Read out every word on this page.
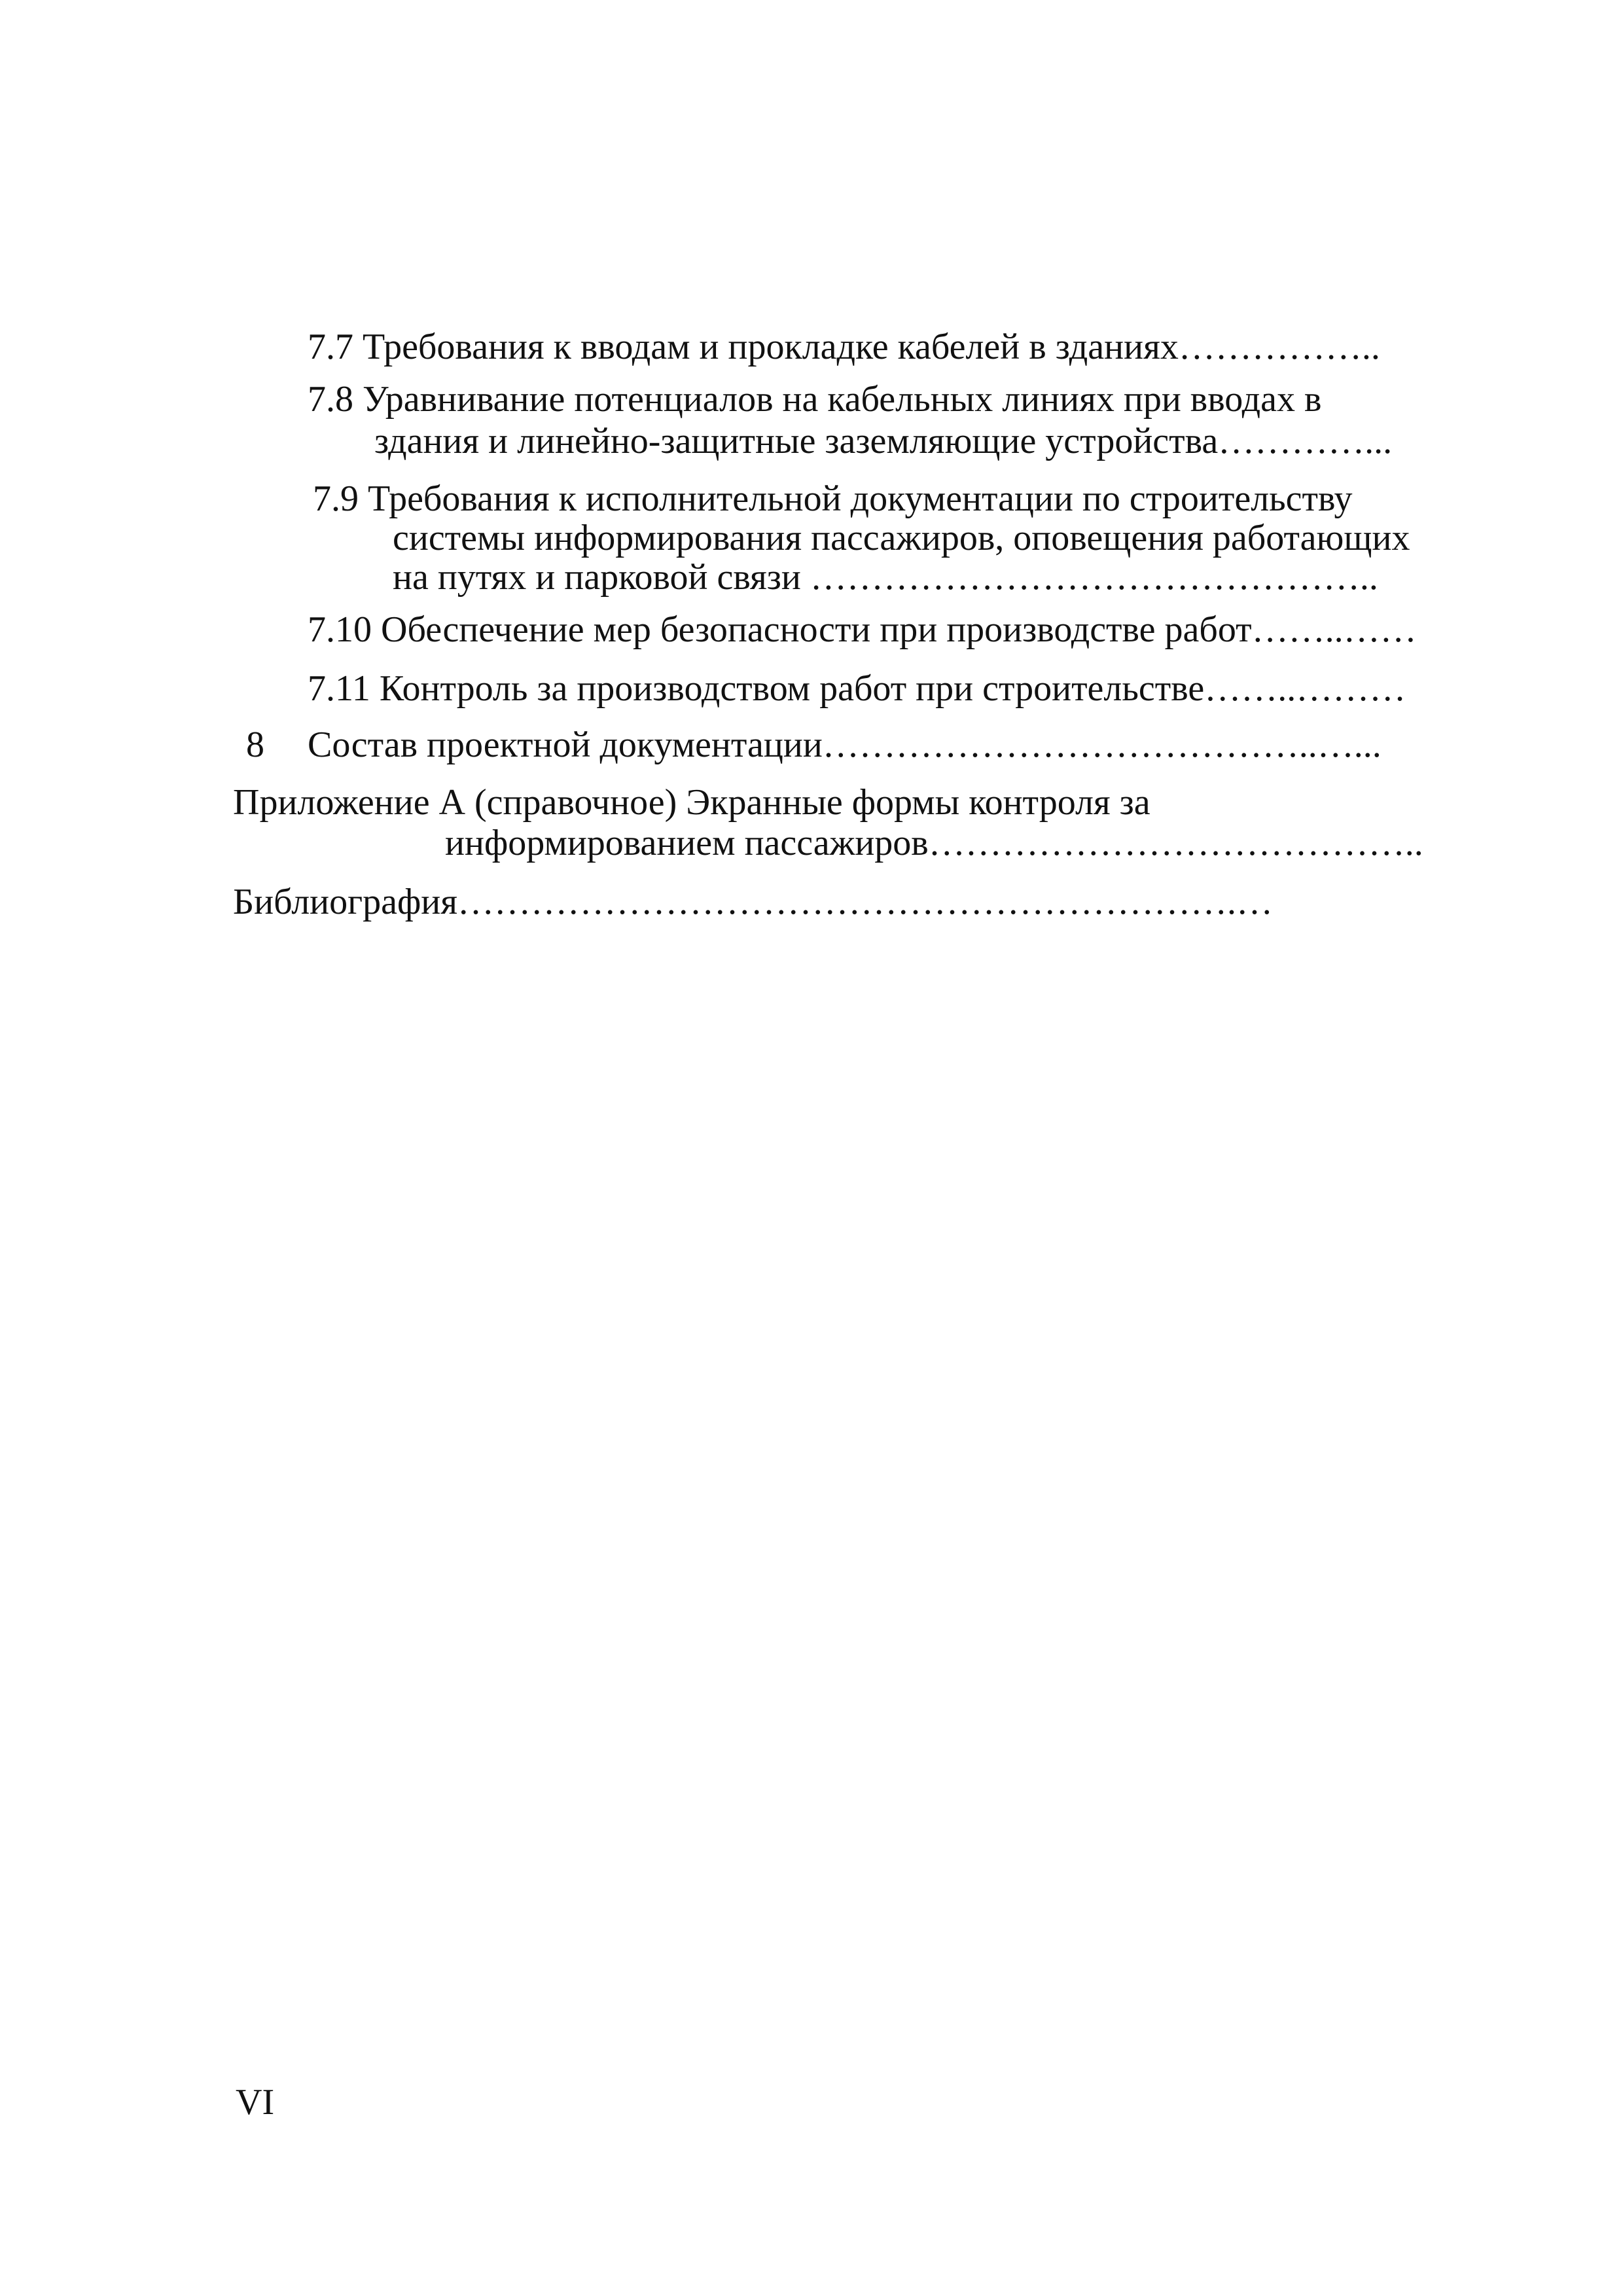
7.7 Требования к вводам и прокладке кабелей в зданиях……………..
7.8 Уравнивание потенциалов на кабельных линиях при вводах в
здания и линейно-защитные заземляющие устройства…………...
7.9 Требования к исполнительной документации по строительству
системы информирования пассажиров, оповещения работающих
на путях и парковой связи ………………………………………..
7.10 Обеспечение мер безопасности при производстве работ……..……
7.11 Контроль за производством работ при строительстве……..………
8 Состав проектной документации…………………………………..…...
Приложение А (справочное) Экранные формы контроля за
информированием пассажиров…………………………………..
Библиография……………………………………………………….…
VI
